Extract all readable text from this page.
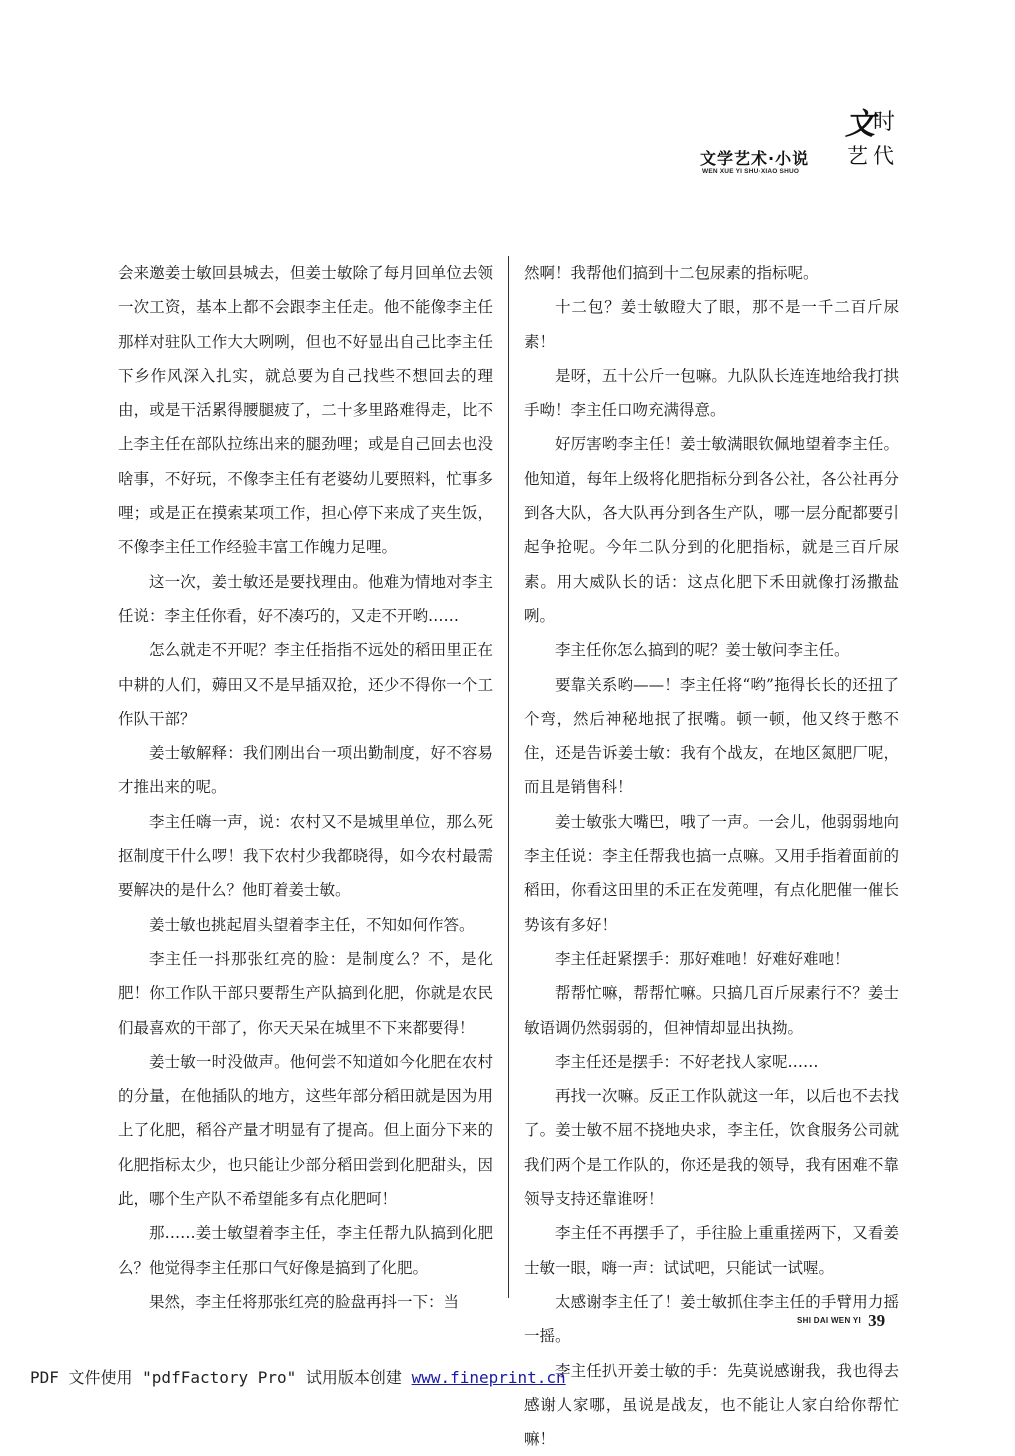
文学艺术·小说
WEN XUE YI SHU·XIAO SHUO
文
时
艺 代

会来邀姜士敏回县城去，但姜士敏除了每月回单位去领一次工资，基本上都不会跟李主任走。他不能像李主任那样对驻队工作大大咧咧，但也不好显出自己比李主任下乡作风深入扎实，就总要为自己找些不想回去的理由，或是干活累得腰腿疲了，二十多里路难得走，比不上李主任在部队拉练出来的腿劲哩；或是自己回去也没啥事，不好玩，不像李主任有老婆幼儿要照料，忙事多哩；或是正在摸索某项工作，担心停下来成了夹生饭，不像李主任工作经验丰富工作魄力足哩。

这一次，姜士敏还是要找理由。他难为情地对李主任说：李主任你看，好不凑巧的，又走不开哟……

怎么就走不开呢？李主任指指不远处的稻田里正在中耕的人们，薅田又不是早插双抢，还少不得你一个工作队干部？

姜士敏解释：我们刚出台一项出勤制度，好不容易才推出来的呢。

李主任嗨一声，说：农村又不是城里单位，那么死抠制度干什么啰！我下农村少我都晓得，如今农村最需要解决的是什么？他盯着姜士敏。

姜士敏也挑起眉头望着李主任，不知如何作答。

李主任一抖那张红亮的脸：是制度么？不，是化肥！你工作队干部只要帮生产队搞到化肥，你就是农民们最喜欢的干部了，你天天呆在城里不下来都要得！

姜士敏一时没做声。他何尝不知道如今化肥在农村的分量，在他插队的地方，这些年部分稻田就是因为用上了化肥，稻谷产量才明显有了提高。但上面分下来的化肥指标太少，也只能让少部分稻田尝到化肥甜头，因此，哪个生产队不希望能多有点化肥呵！

那……姜士敏望着李主任，李主任帮九队搞到化肥么？他觉得李主任那口气好像是搞到了化肥。

果然，李主任将那张红亮的脸盘再抖一下：当

然啊！我帮他们搞到十二包尿素的指标呢。

十二包？姜士敏瞪大了眼，那不是一千二百斤尿素！

是呀，五十公斤一包嘛。九队队长连连地给我打拱手呦！李主任口吻充满得意。

好厉害哟李主任！姜士敏满眼钦佩地望着李主任。他知道，每年上级将化肥指标分到各公社，各公社再分到各大队，各大队再分到各生产队，哪一层分配都要引起争抢呢。今年二队分到的化肥指标，就是三百斤尿素。用大威队长的话：这点化肥下禾田就像打汤撒盐咧。

李主任你怎么搞到的呢？姜士敏问李主任。

要靠关系哟——！李主任将“哟”拖得长长的还扭了个弯，然后神秘地抿了抿嘴。顿一顿，他又终于憋不住，还是告诉姜士敏：我有个战友，在地区氮肥厂呢，而且是销售科！

姜士敏张大嘴巴，哦了一声。一会儿，他弱弱地向李主任说：李主任帮我也搞一点嘛。又用手指着面前的稻田，你看这田里的禾正在发蔸哩，有点化肥催一催长势该有多好！

李主任赶紧摆手：那好难吔！好难好难吔！

帮帮忙嘛，帮帮忙嘛。只搞几百斤尿素行不？姜士敏语调仍然弱弱的，但神情却显出执拗。

李主任还是摆手：不好老找人家呢……

再找一次嘛。反正工作队就这一年，以后也不去找了。姜士敏不屈不挠地央求，李主任，饮食服务公司就我们两个是工作队的，你还是我的领导，我有困难不靠领导支持还靠谁呀！

李主任不再摆手了，手往脸上重重搓两下，又看姜士敏一眼，嗨一声：试试吧，只能试一试喔。

太感谢李主任了！姜士敏抓住李主任的手臂用力摇一摇。

李主任扒开姜士敏的手：先莫说感谢我，我也得去感谢人家哪，虽说是战友，也不能让人家白给你帮忙嘛！

SHI DAI WEN YI 39
PDF 文件使用 "pdfFactory Pro" 试用版本创建 www.fineprint.cn
